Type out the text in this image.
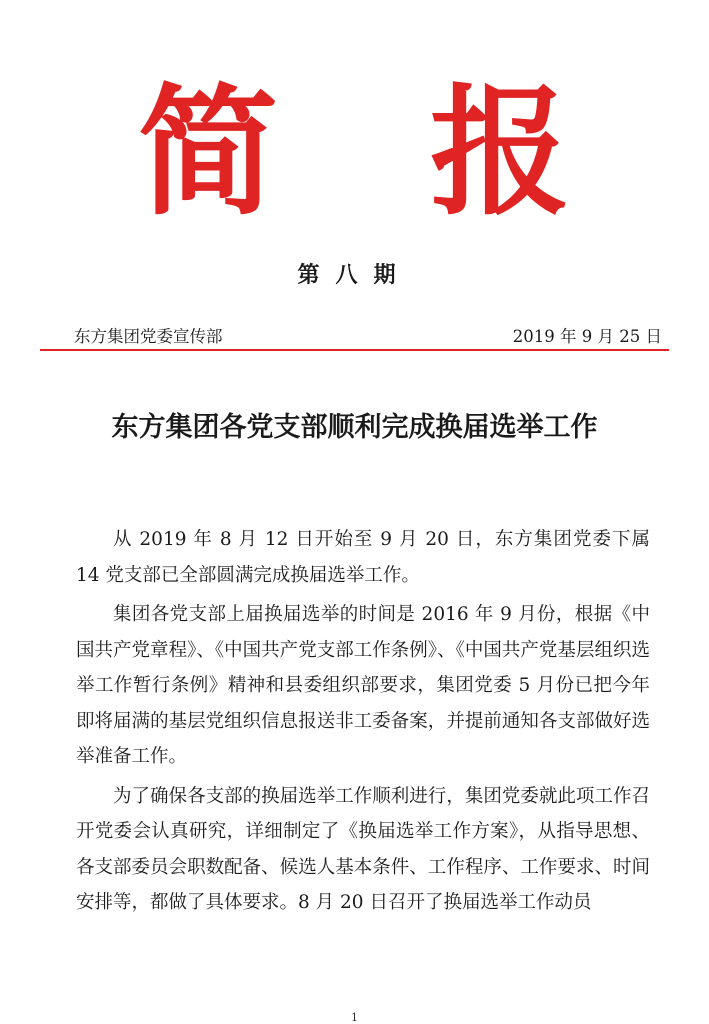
简 报
第八期
东方集团党委宣传部	2019 年 9 月 25 日
东方集团各党支部顺利完成换届选举工作

从 2019 年 8 月 12 日开始至 9 月 20 日，东方集团党委下属 14 党支部已全部圆满完成换届选举工作。

集团各党支部上届换届选举的时间是 2016 年 9 月份，根据《中国共产党章程》、《中国共产党支部工作条例》、《中国共产党基层组织选举工作暂行条例》精神和县委组织部要求，集团党委 5 月份已把今年即将届满的基层党组织信息报送非工委备案，并提前通知各支部做好选举准备工作。

为了确保各支部的换届选举工作顺利进行，集团党委就此项工作召开党委会认真研究，详细制定了《换届选举工作方案》，从指导思想、各支部委员会职数配备、候选人基本条件、工作程序、工作要求、时间安排等，都做了具体要求。8 月 20 日召开了换届选举工作动员

1
